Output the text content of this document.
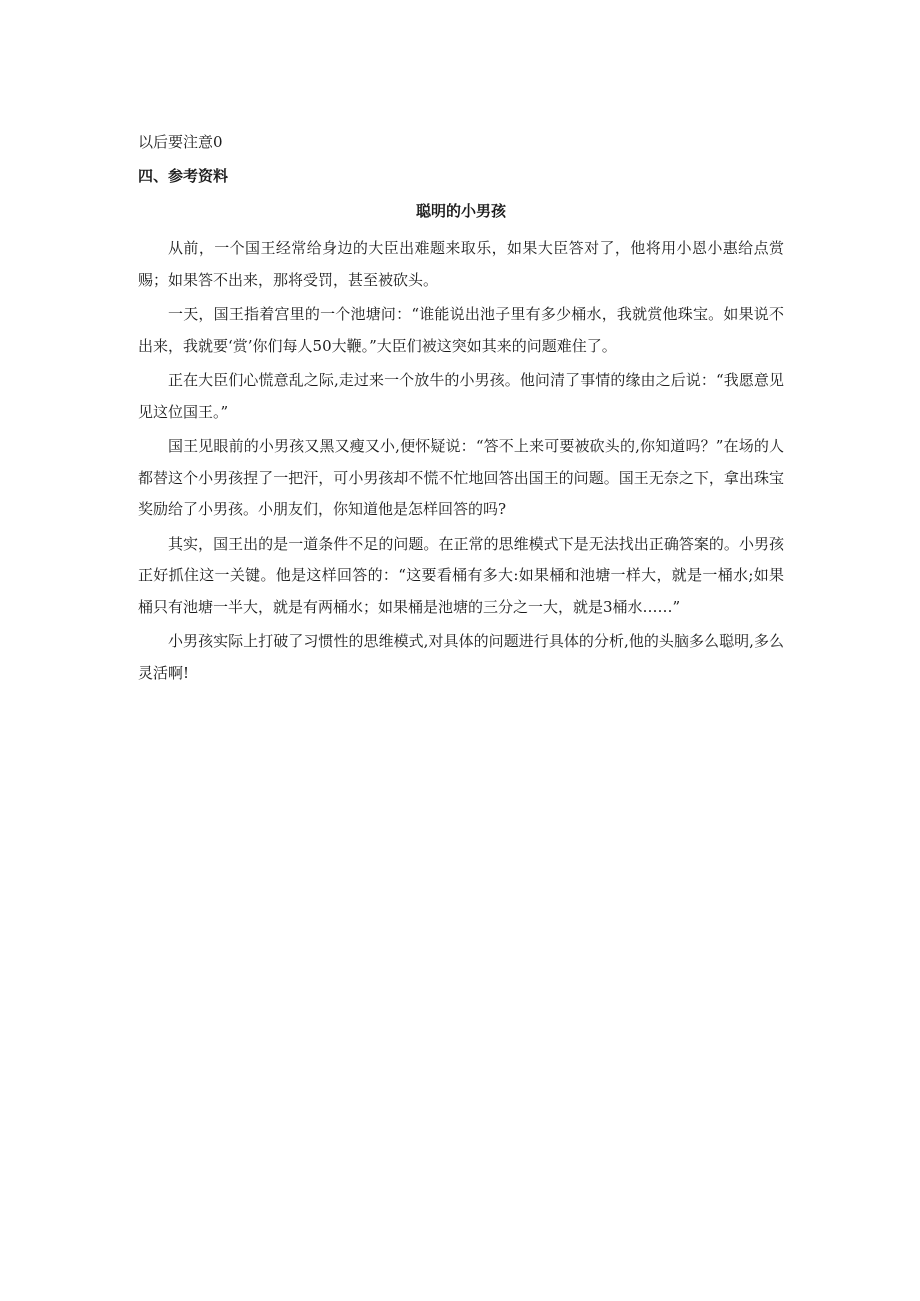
以后要注意0

四、参考资料
聪明的小男孩

从前，一个国王经常给身边的大臣出难题来取乐，如果大臣答对了，他将用小恩小惠给点赏赐；如果答不出来，那将受罚，甚至被砍头。

一天，国王指着宫里的一个池塘问：“谁能说出池子里有多少桶水，我就赏他珠宝。如果说不出来，我就要‘赏’你们每人50大鞭。”大臣们被这突如其来的问题难住了。

正在大臣们心慌意乱之际,走过来一个放牛的小男孩。他问清了事情的缘由之后说：“我愿意见见这位国王。”

国王见眼前的小男孩又黑又瘦又小,便怀疑说：“答不上来可要被砍头的,你知道吗？”在场的人都替这个小男孩捏了一把汗，可小男孩却不慌不忙地回答出国王的问题。国王无奈之下，拿出珠宝奖励给了小男孩。小朋友们，你知道他是怎样回答的吗?

其实，国王出的是一道条件不足的问题。在正常的思维模式下是无法找出正确答案的。小男孩正好抓住这一关键。他是这样回答的：“这要看桶有多大:如果桶和池塘一样大，就是一桶水;如果桶只有池塘一半大，就是有两桶水；如果桶是池塘的三分之一大，就是3桶水……”

小男孩实际上打破了习惯性的思维模式,对具体的问题进行具体的分析,他的头脑多么聪明,多么灵活啊!
